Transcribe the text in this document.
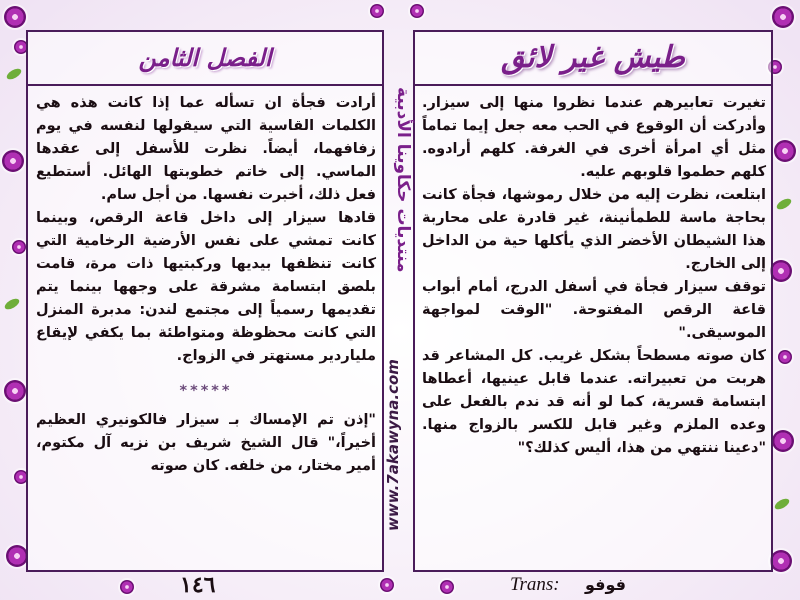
الفصل الثامن	طيش غير لائق

أرادت فجأة ان تسأله عما إذا كانت هذه هي الكلمات القاسية التي سيقولها لنفسه في يوم زفافهما، أيضاً. نظرت للأسفل إلى عقدها الماسي. إلى خاتم خطوبتها الهائل. أستطيع فعل ذلك، أخبرت نفسها. من أجل سام.

قادها سيزار إلى داخل قاعة الرقص، وبينما كانت تمشي على نفس الأرضية الرخامية التي كانت تنظفها بيديها وركبتيها ذات مرة، قامت بلصق ابتسامة مشرقة على وجهها بينما يتم تقديمها رسمياً إلى مجتمع لندن: مدبرة المنزل التي كانت محظوظة ومتواطئة بما يكفي لإيقاع ملياردير مستهتر في الزواج.

*****

"إذن تم الإمساك بـ سيزار فالكونيري العظيم أخيراً،" قال الشيخ شريف بن نزيه آل مكتوم، أمير مختار، من خلفه. كان صوته

تغيرت تعابيرهم عندما نظروا منها إلى سيزار. وأدركت أن الوقوع في الحب معه جعل إيما تماماً مثل أي امرأة أخرى في الغرفة. كلهم أرادوه. كلهم حطموا قلوبهم عليه.

ابتلعت، نظرت إليه من خلال رموشها، فجأة كانت بحاجة ماسة للطمأنينة، غير قادرة على محاربة هذا الشيطان الأخضر الذي يأكلها حية من الداخل إلى الخارج.

توقف سيزار فجأة في أسفل الدرج، أمام أبواب قاعة الرقص المفتوحة. "الوقت لمواجهة الموسيقى."

كان صوته مسطحاً بشكل غريب. كل المشاعر قد هربت من تعبيراته. عندما قابل عينيها، أعطاها ابتسامة قسرية، كما لو أنه قد ندم بالفعل على وعده الملزم وغير قابل للكسر بالزواج منها. "دعينا ننتهي من هذا، أليس كذلك؟"

منتديات حكاوينا الأدبية
www.7akawyna.com
١٤٦	Trans: فوفو
